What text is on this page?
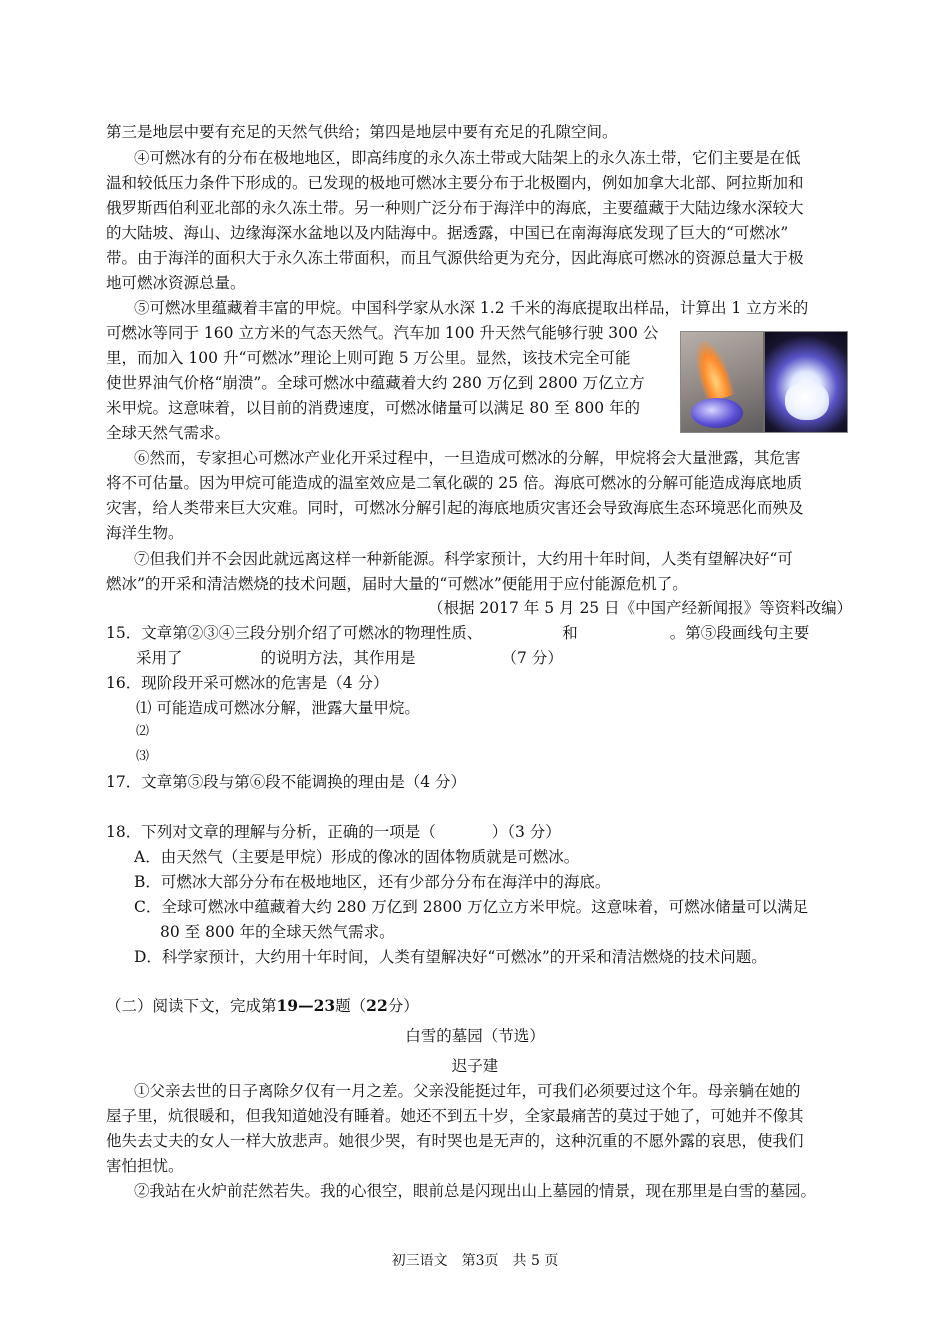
第三是地层中要有充足的天然气供给；第四是地层中要有充足的孔隙空间。
④可燃冰有的分布在极地地区，即高纬度的永久冻土带或大陆架上的永久冻土带，它们主要是在低
温和较低压力条件下形成的。已发现的极地可燃冰主要分布于北极圈内，例如加拿大北部、阿拉斯加和
俄罗斯西伯利亚北部的永久冻土带。另一种则广泛分布于海洋中的海底，主要蕴藏于大陆边缘水深较大
的大陆坡、海山、边缘海深水盆地以及内陆海中。据透露，中国已在南海海底发现了巨大的“可燃冰”
带。由于海洋的面积大于永久冻土带面积，而且气源供给更为充分，因此海底可燃冰的资源总量大于极
地可燃冰资源总量。
⑤可燃冰里蕴藏着丰富的甲烷。中国科学家从水深 1.2 千米的海底提取出样品，计算出 1 立方米的
可燃冰等同于 160 立方米的气态天然气。汽车加 100 升天然气能够行驶 300 公
里，而加入 100 升“可燃冰”理论上则可跑 5 万公里。显然，该技术完全可能
使世界油气价格“崩溃”。全球可燃冰中蕴藏着大约 280 万亿到 2800 万亿立方
米甲烷。这意味着，以目前的消费速度，可燃冰储量可以满足 80 至 800 年的
全球天然气需求。
⑥然而，专家担心可燃冰产业化开采过程中，一旦造成可燃冰的分解，甲烷将会大量泄露，其危害
将不可估量。因为甲烷可能造成的温室效应是二氧化碳的 25 倍。海底可燃冰的分解可能造成海底地质
灾害，给人类带来巨大灾难。同时，可燃冰分解引起的海底地质灾害还会导致海底生态环境恶化而殃及
海洋生物。
⑦但我们并不会因此就远离这样一种新能源。科学家预计，大约用十年时间，人类有望解决好“可
燃冰”的开采和清洁燃烧的技术问题，届时大量的“可燃冰”便能用于应付能源危机了。
（根据 2017 年 5 月 25 日《中国产经新闻报》等资料改编）
15．文章第②③④三段分别介绍了可燃冰的物理性质、	和	。第⑤段画线句主要
采用了	的说明方法，其作用是	（7 分）
16．现阶段开采可燃冰的危害是（4 分）
⑴ 可能造成可燃冰分解，泄露大量甲烷。
⑵
⑶
17．文章第⑤段与第⑥段不能调换的理由是（4 分）
18．下列对文章的理解与分析，正确的一项是（	）（3 分）
A．由天然气（主要是甲烷）形成的像冰的固体物质就是可燃冰。
B．可燃冰大部分分布在极地地区，还有少部分分布在海洋中的海底。
C．全球可燃冰中蕴藏着大约 280 万亿到 2800 万亿立方米甲烷。这意味着，可燃冰储量可以满足
80 至 800 年的全球天然气需求。
D．科学家预计，大约用十年时间，人类有望解决好“可燃冰”的开采和清洁燃烧的技术问题。
（二）阅读下文，完成第19—23题（22分）
白雪的墓园（节选）
迟子建
①父亲去世的日子离除夕仅有一月之差。父亲没能挺过年，可我们必须要过这个年。母亲躺在她的
屋子里，炕很暖和，但我知道她没有睡着。她还不到五十岁，全家最痛苦的莫过于她了，可她并不像其
他失去丈夫的女人一样大放悲声。她很少哭，有时哭也是无声的，这种沉重的不愿外露的哀思，使我们
害怕担忧。
②我站在火炉前茫然若失。我的心很空，眼前总是闪现出山上墓园的情景，现在那里是白雪的墓园。
初三语文　第3页　共 5 页
